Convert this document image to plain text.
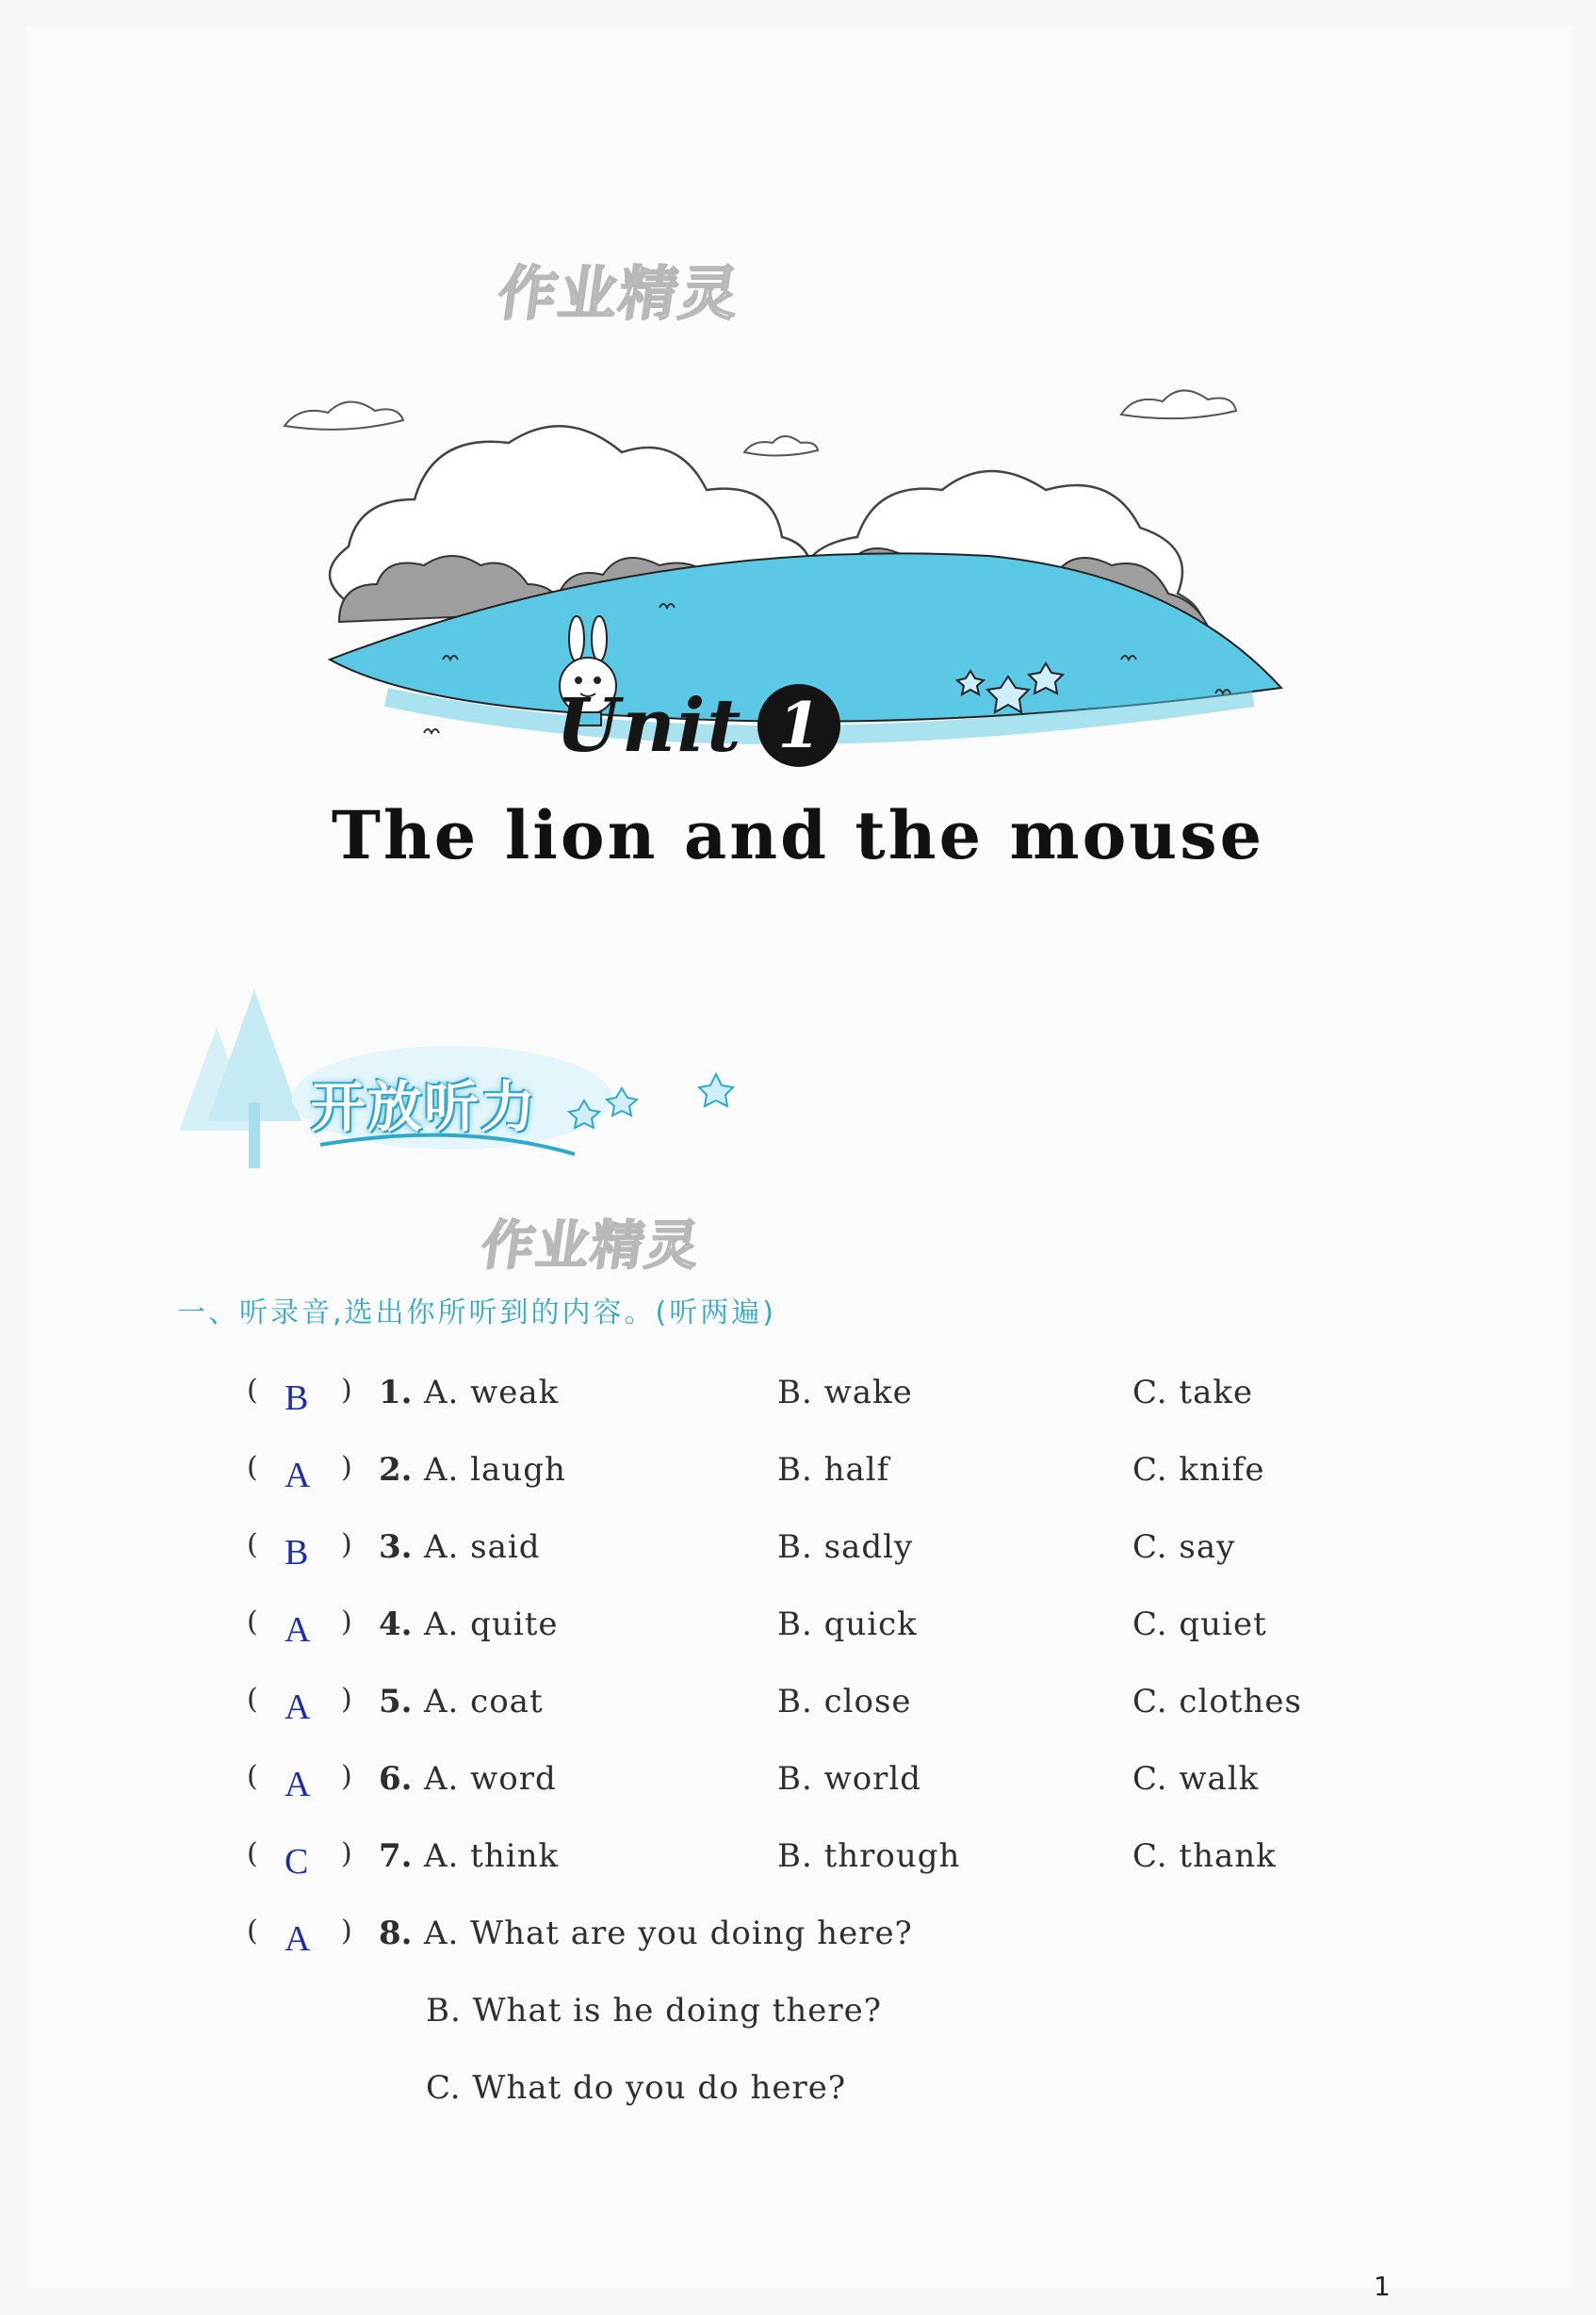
作业精灵
Unit 1
The lion and the mouse
开放听力
作业精灵
一、听录音,选出你所听到的内容。(听两遍)
( B ) 1. A. weak	B. wake	C. take
( A ) 2. A. laugh	B. half	C. knife
( B ) 3. A. said	B. sadly	C. say
( A ) 4. A. quite	B. quick	C. quiet
( A ) 5. A. coat	B. close	C. clothes
( A ) 6. A. word	B. world	C. walk
( C ) 7. A. think	B. through	C. thank
( A ) 8. A. What are you doing here?
B. What is he doing there?
C. What do you do here?
1
